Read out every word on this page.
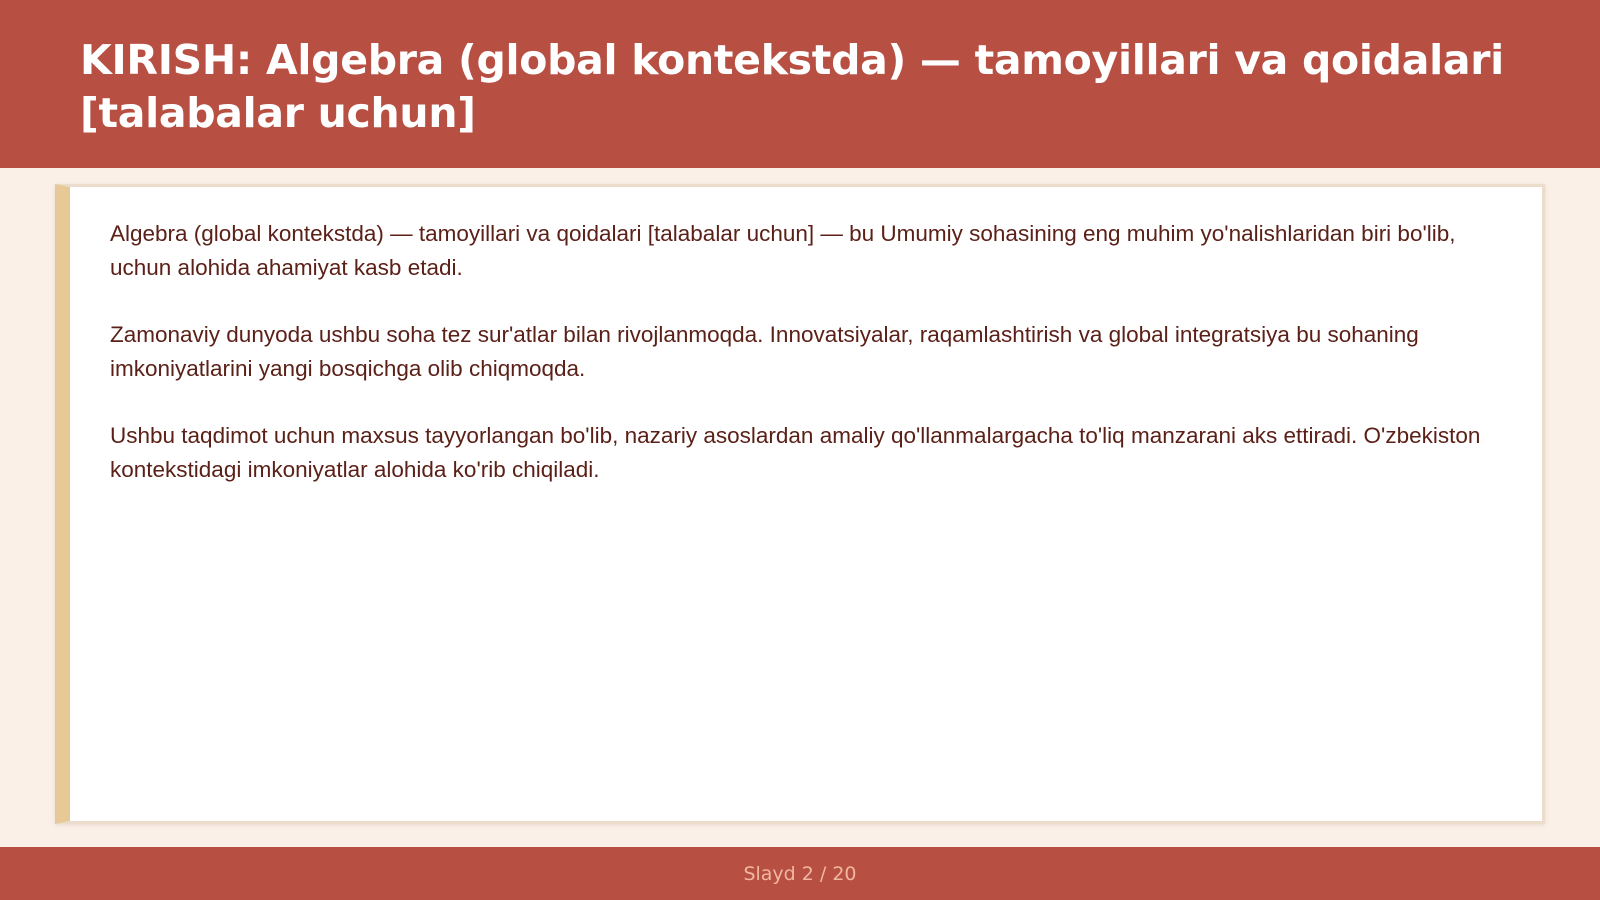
KIRISH: Algebra (global kontekstda) — tamoyillari va qoidalari [talabalar uchun]

Algebra (global kontekstda) — tamoyillari va qoidalari [talabalar uchun] — bu Umumiy sohasining eng muhim yo'nalishlaridan biri bo'lib, uchun alohida ahamiyat kasb etadi.

Zamonaviy dunyoda ushbu soha tez sur'atlar bilan rivojlanmoqda. Innovatsiyalar, raqamlashtirish va global integratsiya bu sohaning imkoniyatlarini yangi bosqichga olib chiqmoqda.

Ushbu taqdimot uchun maxsus tayyorlangan bo'lib, nazariy asoslardan amaliy qo'llanmalargacha to'liq manzarani aks ettiradi. O'zbekiston kontekstidagi imkoniyatlar alohida ko'rib chiqiladi.

Slayd 2 / 20
